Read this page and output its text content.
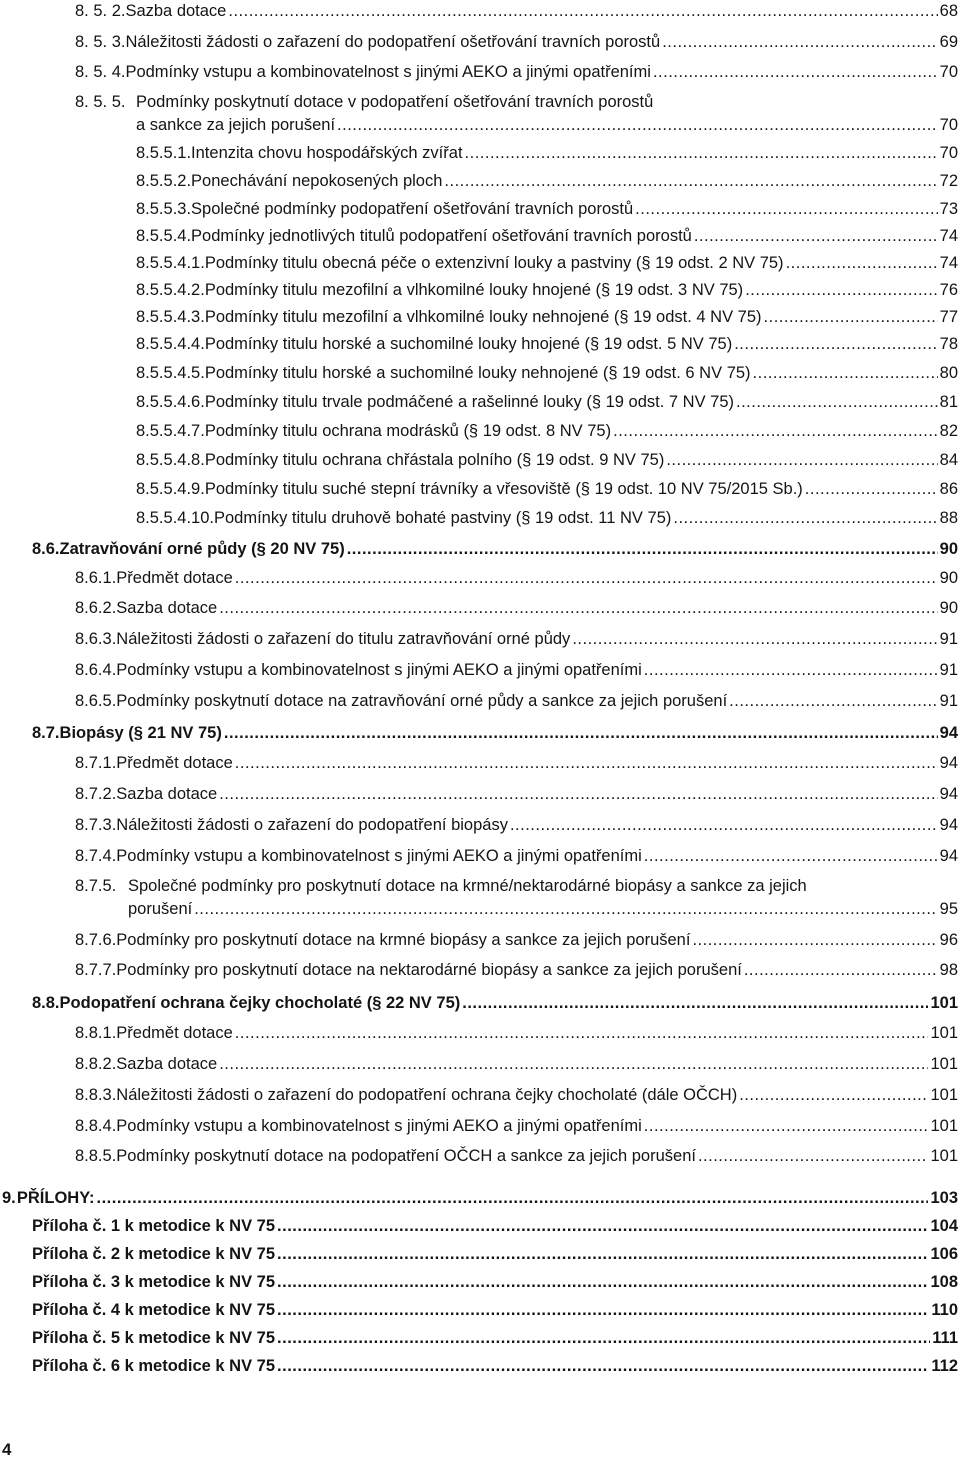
8. 5. 2. Sazba dotace .....	68
8. 5. 3. Náležitosti žádosti o zařazení do podopatření ošetřování travních porostů .....	69
8. 5. 4. Podmínky vstupu a kombinovatelnost s jinými AEKO a jinými opatřeními .....	70
8. 5. 5. Podmínky poskytnutí dotace v podopatření ošetřování travních porostů
a sankce za jejich porušení .....	70
8.5.5.1. Intenzita chovu hospodářských zvířat .....	70
8.5.5.2. Ponechávání nepokosených ploch .....	72
8.5.5.3. Společné podmínky podopatření ošetřování travních porostů .....	73
8.5.5.4. Podmínky jednotlivých titulů podopatření ošetřování travních porostů .....	74
8.5.5.4.1. Podmínky titulu obecná péče o extenzivní louky a pastviny (§ 19 odst. 2 NV 75) .....	74
8.5.5.4.2. Podmínky titulu mezofilní a vlhkomilné louky hnojené (§ 19 odst. 3 NV 75) .....	76
8.5.5.4.3. Podmínky titulu mezofilní a vlhkomilné louky nehnojené (§ 19 odst. 4 NV 75) .....	77
8.5.5.4.4. Podmínky titulu horské a suchomilné louky hnojené (§ 19 odst. 5 NV 75) .....	78
8.5.5.4.5. Podmínky titulu horské a suchomilné louky nehnojené (§ 19 odst. 6 NV 75) .....	80
8.5.5.4.6. Podmínky titulu trvale podmáčené a rašelinné louky (§ 19 odst. 7 NV 75) .....	81
8.5.5.4.7. Podmínky titulu ochrana modrásků (§ 19 odst. 8 NV 75) .....	82
8.5.5.4.8. Podmínky titulu ochrana chřástala polního (§ 19 odst. 9 NV 75) .....	84
8.5.5.4.9. Podmínky titulu suché stepní trávníky a vřesoviště (§ 19 odst. 10 NV 75/2015 Sb.) .....	86
8.5.5.4.10. Podmínky titulu druhově bohaté pastviny (§ 19 odst. 11 NV 75) .....	88
8.6. Zatravňování orné půdy (§ 20 NV 75) .....	90
8.6.1. Předmět dotace .....	90
8.6.2. Sazba dotace .....	90
8.6.3. Náležitosti žádosti o zařazení do titulu zatravňování orné půdy .....	91
8.6.4. Podmínky vstupu a kombinovatelnost s jinými AEKO a jinými opatřeními .....	91
8.6.5. Podmínky poskytnutí dotace na zatravňování orné půdy a sankce za jejich porušení .....	91
8.7. Biopásy (§ 21 NV 75) .....	94
8.7.1. Předmět dotace .....	94
8.7.2. Sazba dotace .....	94
8.7.3. Náležitosti žádosti o zařazení do podopatření biopásy .....	94
8.7.4. Podmínky vstupu a kombinovatelnost s jinými AEKO a jinými opatřeními .....	94
8.7.5. Společné podmínky pro poskytnutí dotace na krmné/nektarodárné biopásy a sankce za jejich
porušení .....	95
8.7.6. Podmínky pro poskytnutí dotace na krmné biopásy a sankce za jejich porušení .....	96
8.7.7. Podmínky pro poskytnutí dotace na nektarodárné biopásy a sankce za jejich porušení .....	98
8.8. Podopatření ochrana čejky chocholaté (§ 22 NV 75) .....	101
8.8.1. Předmět dotace .....	101
8.8.2. Sazba dotace .....	101
8.8.3. Náležitosti žádosti o zařazení do podopatření ochrana čejky chocholaté (dále OČCH) .....	101
8.8.4. Podmínky vstupu a kombinovatelnost s jinými AEKO a jinými opatřeními .....	101
8.8.5. Podmínky poskytnutí dotace na podopatření OČCH a sankce za jejich porušení .....	101
9. PŘÍLOHY: .....	103
Příloha č. 1 k metodice k NV 75 .....	104
Příloha č. 2 k metodice k NV 75 .....	106
Příloha č. 3 k metodice k NV 75 .....	108
Příloha č. 4 k metodice k NV 75 .....	110
Příloha č. 5 k metodice k NV 75 .....	111
Příloha č. 6 k metodice k NV 75 .....	112
4
